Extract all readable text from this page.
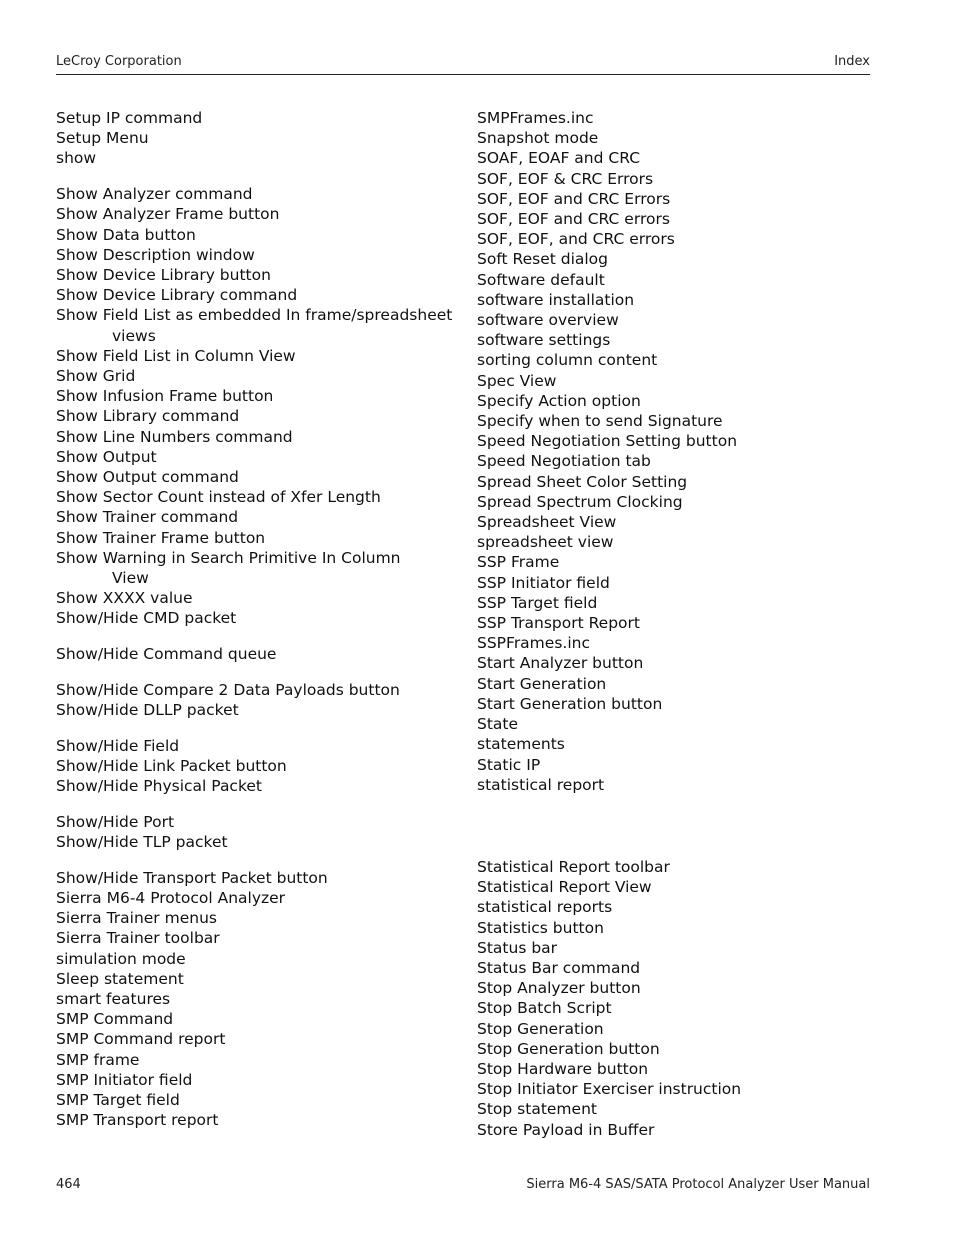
LeCroy Corporation	Index
Setup IP command
Setup Menu
show
Show Analyzer command
Show Analyzer Frame button
Show Data button
Show Description window
Show Device Library button
Show Device Library command
Show Field List as embedded In frame/spreadsheet
views
Show Field List in Column View
Show Grid
Show Infusion Frame button
Show Library command
Show Line Numbers command
Show Output
Show Output command
Show Sector Count instead of Xfer Length
Show Trainer command
Show Trainer Frame button
Show Warning in Search Primitive In Column
View
Show XXXX value
Show/Hide CMD packet
Show/Hide Command queue
Show/Hide Compare 2 Data Payloads button
Show/Hide DLLP packet
Show/Hide Field
Show/Hide Link Packet button
Show/Hide Physical Packet
Show/Hide Port
Show/Hide TLP packet
Show/Hide Transport Packet button
Sierra M6-4 Protocol Analyzer
Sierra Trainer menus
Sierra Trainer toolbar
simulation mode
Sleep statement
smart features
SMP Command
SMP Command report
SMP frame
SMP Initiator field
SMP Target field
SMP Transport report
SMPFrames.inc
Snapshot mode
SOAF, EOAF and CRC
SOF, EOF & CRC Errors
SOF, EOF and CRC Errors
SOF, EOF and CRC errors
SOF, EOF, and CRC errors
Soft Reset dialog
Software default
software installation
software overview
software settings
sorting column content
Spec View
Specify Action option
Specify when to send Signature
Speed Negotiation Setting button
Speed Negotiation tab
Spread Sheet Color Setting
Spread Spectrum Clocking
Spreadsheet View
spreadsheet view
SSP Frame
SSP Initiator field
SSP Target field
SSP Transport Report
SSPFrames.inc
Start Analyzer button
Start Generation
Start Generation button
State
statements
Static IP
statistical report
Statistical Report toolbar
Statistical Report View
statistical reports
Statistics button
Status bar
Status Bar command
Stop Analyzer button
Stop Batch Script
Stop Generation
Stop Generation button
Stop Hardware button
Stop Initiator Exerciser instruction
Stop statement
Store Payload in Buffer
464	Sierra M6-4 SAS/SATA Protocol Analyzer User Manual
